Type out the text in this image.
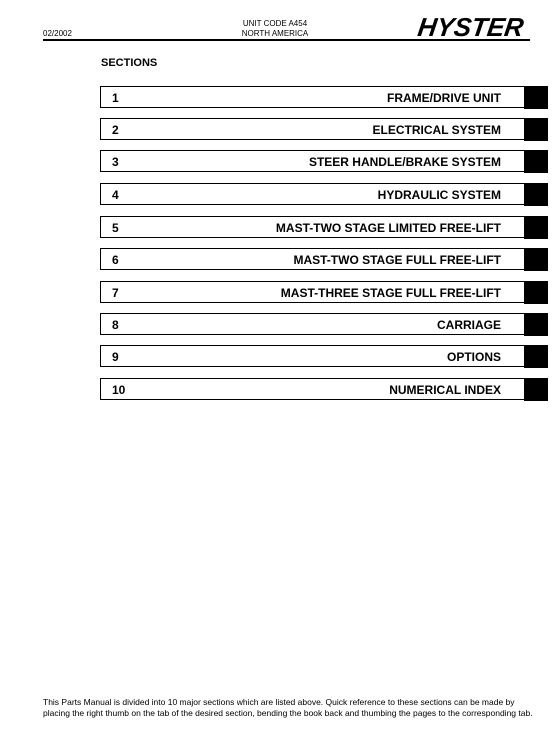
02/2002
UNIT CODE A454
NORTH AMERICA	HYSTER
SECTIONS
1	FRAME/DRIVE UNIT
2	ELECTRICAL SYSTEM
3	STEER HANDLE/BRAKE SYSTEM
4	HYDRAULIC SYSTEM
5	MAST-TWO STAGE LIMITED FREE-LIFT
6	MAST-TWO STAGE FULL FREE-LIFT
7	MAST-THREE STAGE FULL FREE-LIFT
8	CARRIAGE
9	OPTIONS
10	NUMERICAL INDEX
This Parts Manual is divided into 10 major sections which are listed above. Quick reference to these sections can be made by placing the right thumb on the tab of the desired section, bending the book back and thumbing the pages to the corresponding tab.
